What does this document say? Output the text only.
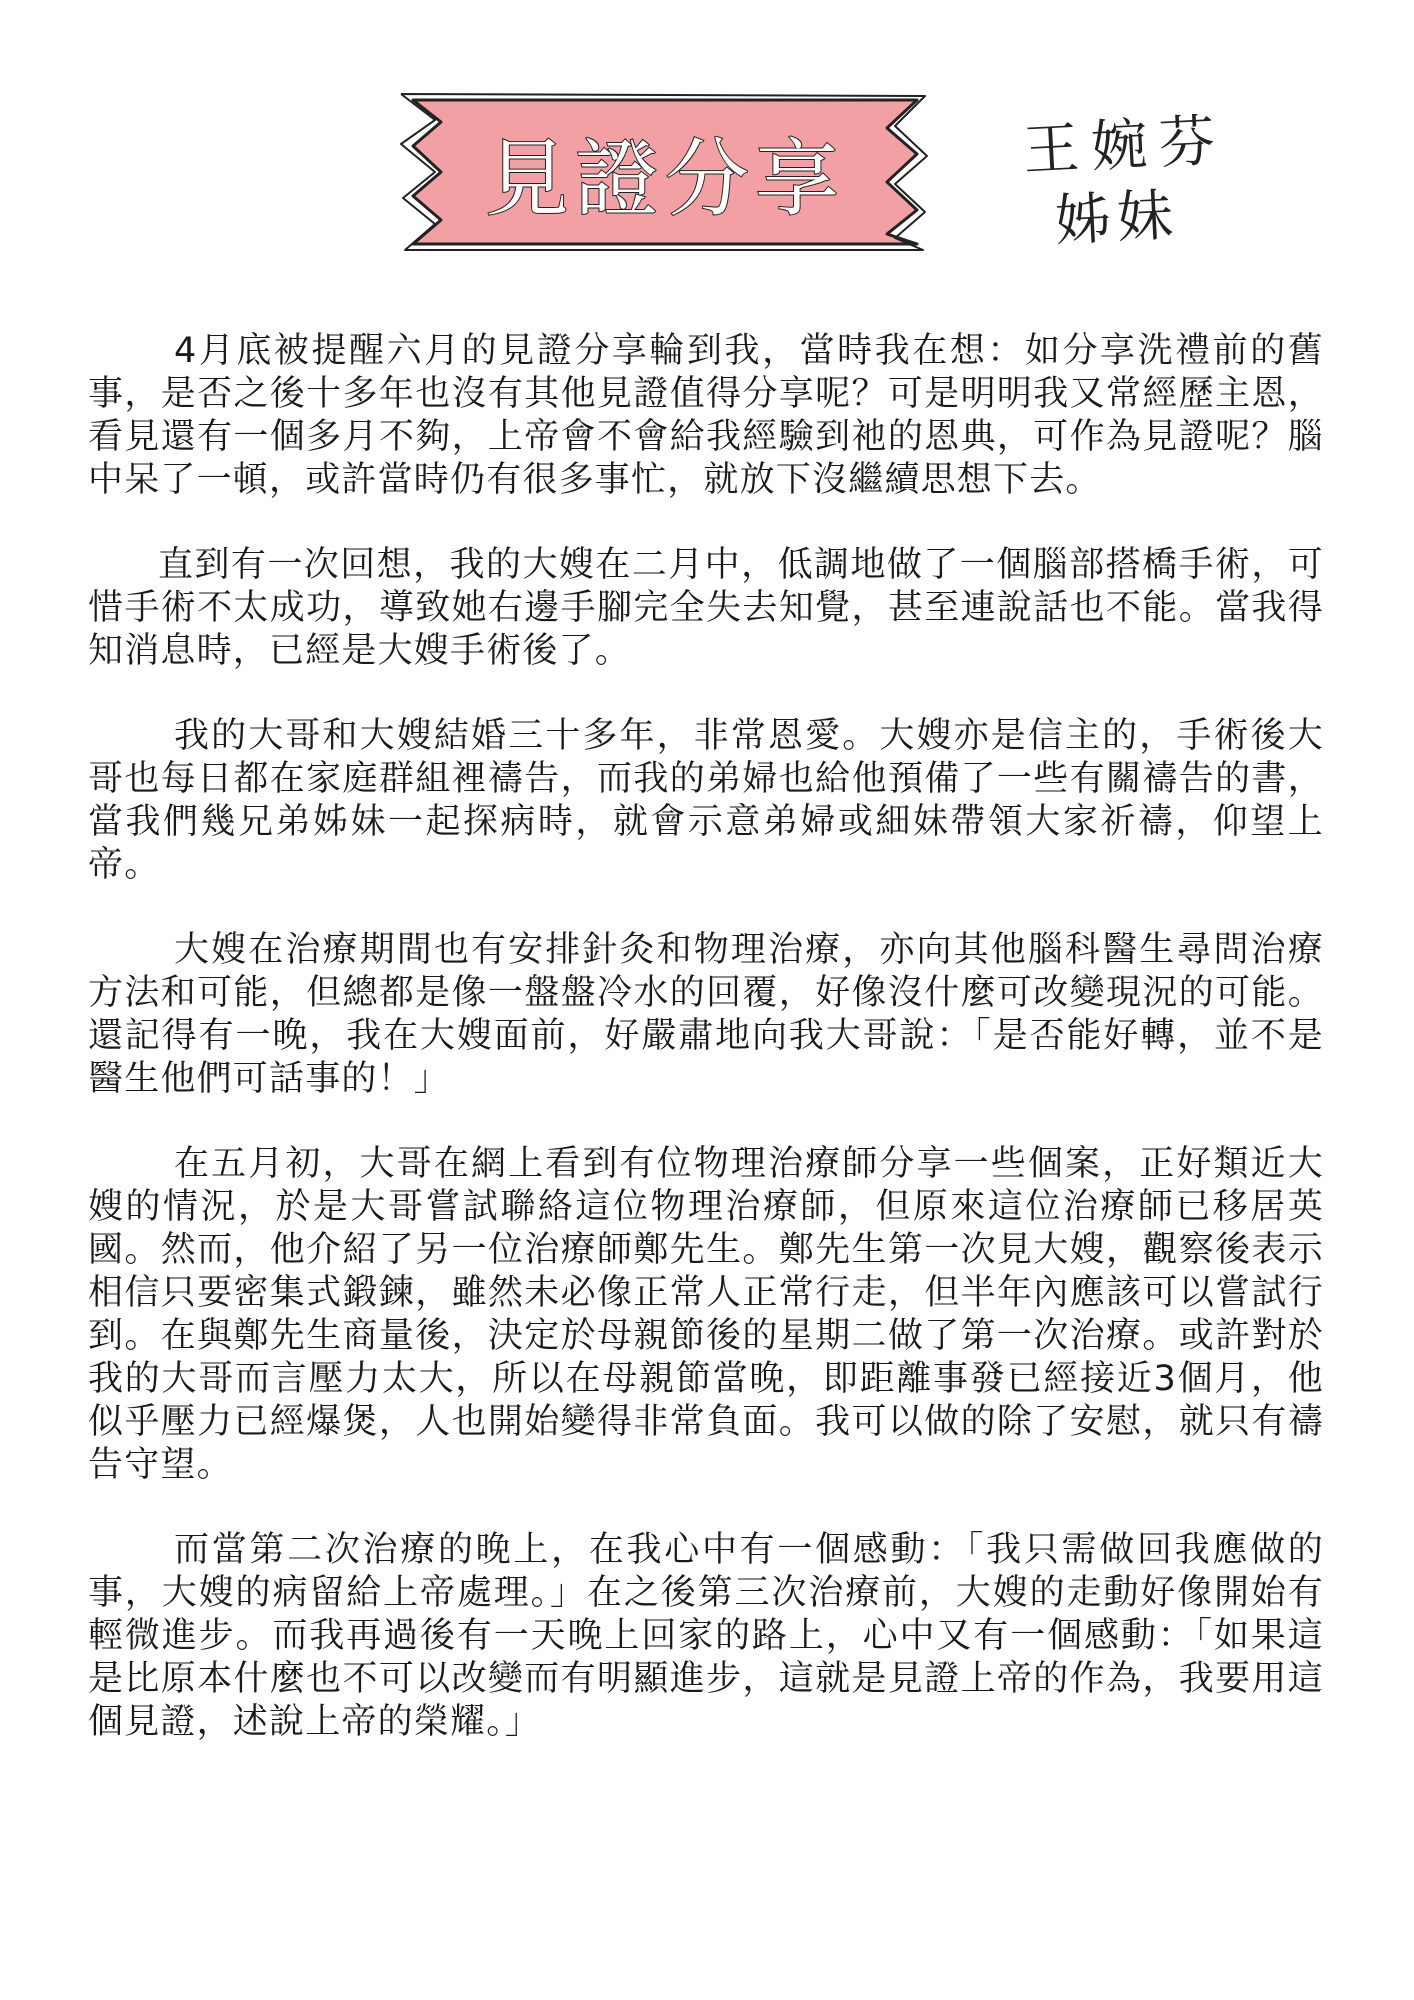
見證分享	王婉芬
姊妹

4月底被提醒六月的見證分享輪到我，當時我在想：如分享洗禮前的舊事，是否之後十多年也沒有其他見證值得分享呢？可是明明我又常經歷主恩，看見還有一個多月不夠，上帝會不會給我經驗到祂的恩典，可作為見證呢？腦中呆了一頓，或許當時仍有很多事忙，就放下沒繼續思想下去。

直到有一次回想，我的大嫂在二月中，低調地做了一個腦部搭橋手術，可惜手術不太成功，導致她右邊手腳完全失去知覺，甚至連說話也不能。當我得知消息時，已經是大嫂手術後了。

我的大哥和大嫂結婚三十多年，非常恩愛。大嫂亦是信主的，手術後大哥也每日都在家庭群組裡禱告，而我的弟婦也給他預備了一些有關禱告的書，當我們幾兄弟姊妹一起探病時，就會示意弟婦或細妹帶領大家祈禱，仰望上帝。

大嫂在治療期間也有安排針灸和物理治療，亦向其他腦科醫生尋問治療方法和可能，但總都是像一盤盤冷水的回覆，好像沒什麼可改變現況的可能。還記得有一晚，我在大嫂面前，好嚴肅地向我大哥說：「是否能好轉，並不是醫生他們可話事的！」

在五月初，大哥在網上看到有位物理治療師分享一些個案，正好類近大嫂的情況，於是大哥嘗試聯絡這位物理治療師，但原來這位治療師已移居英國。然而，他介紹了另一位治療師鄭先生。鄭先生第一次見大嫂，觀察後表示相信只要密集式鍛鍊，雖然未必像正常人正常行走，但半年內應該可以嘗試行到。在與鄭先生商量後，決定於母親節後的星期二做了第一次治療。或許對於我的大哥而言壓力太大，所以在母親節當晚，即距離事發已經接近3個月，他似乎壓力已經爆煲，人也開始變得非常負面。我可以做的除了安慰，就只有禱告守望。

而當第二次治療的晚上，在我心中有一個感動：「我只需做回我應做的事，大嫂的病留給上帝處理。」在之後第三次治療前，大嫂的走動好像開始有輕微進步。而我再過後有一天晚上回家的路上，心中又有一個感動：「如果這是比原本什麼也不可以改變而有明顯進步，這就是見證上帝的作為，我要用這個見證，述說上帝的榮耀。」
